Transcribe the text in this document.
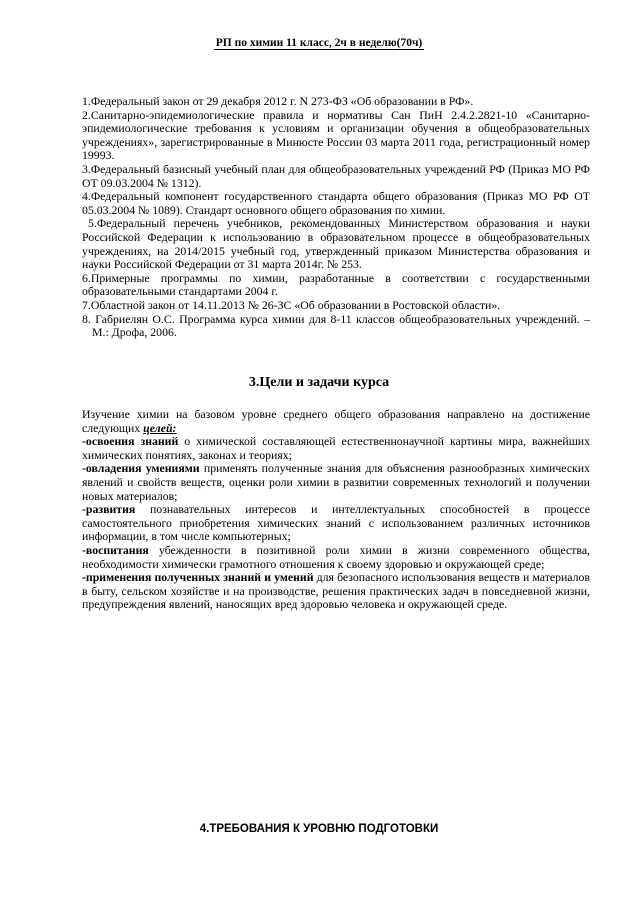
РП по химии 11 класс, 2ч в неделю(70ч)

1.Федеральный закон от 29 декабря 2012 г. N 273-ФЗ «Об образовании в РФ».

2.Санитарно-эпидемиологические правила и нормативы Сан ПиН 2.4.2.2821-10 «Санитарно-эпидемиологические требования к условиям и организации обучения в общеобразовательных учреждениях», зарегистрированные в Минюсте России 03 марта 2011 года, регистрационный номер 19993.

3.Федеральный базисный учебный план для общеобразовательных учреждений РФ (Приказ МО РФ ОТ 09.03.2004 № 1312).

4.Федеральный компонент государственного стандарта общего образования (Приказ МО РФ ОТ 05.03.2004 № 1089). Стандарт основного общего образования по химии.

5.Федеральный перечень учебников, рекомендованных Министерством образования и науки Российской Федерации к использованию в образовательном процессе в общеобразовательных учреждениях, на 2014/2015 учебный год, утвержденный приказом Министерства образования и науки Российской Федерации от 31 марта 2014г. № 253.

6.Примерные программы по химии, разработанные в соответствии с государственными образовательными стандартами 2004 г.

7.Областной закон от 14.11.2013 № 26-ЗС «Об образовании в Ростовской области».

8. Габриелян О.С. Программа курса химии для 8-11 классов общеобразовательных учреждений. – М.: Дрофа, 2006.

3.Цели и задачи курса

Изучение химии на базовом уровне среднего общего образования направлено на достижение следующих целей:

-освоения знаний о химической составляющей естественнонаучной картины мира, важнейших химических понятиях, законах и теориях;

-овладения умениями применять полученные знания для объяснения разнообразных химических явлений и свойств веществ, оценки роли химии в развитии современных технологий и получении новых материалов;

-развития познавательных интересов и интеллектуальных способностей в процессе самостоятельного приобретения химических знаний с использованием различных источников информации, в том числе компьютерных;

-воспитания убежденности в позитивной роли химии в жизни современного общества, необходимости химически грамотного отношения к своему здоровью и окружающей среде;

-применения полученных знаний и умений для безопасного использования веществ и материалов в быту, сельском хозяйстве и на производстве, решения практических задач в повседневной жизни, предупреждения явлений, наносящих вред здоровью человека и окружающей среде.

4.ТРЕБОВАНИЯ К УРОВНЮ ПОДГОТОВКИ
